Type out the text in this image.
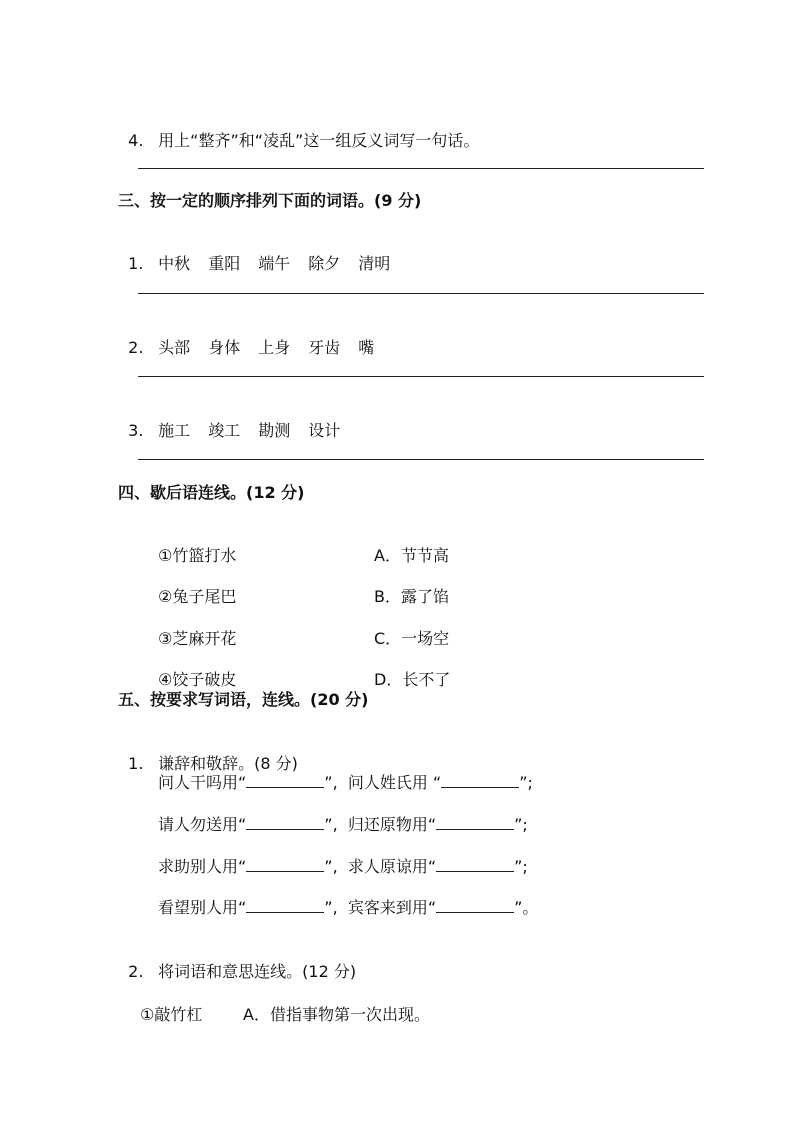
4. 用上“整齐”和“凌乱”这一组反义词写一句话。

三、按一定的顺序排列下面的词语。(9 分)

1. 中秋 重阳 端午 除夕 清明

2. 头部 身体 上身 牙齿 嘴

3. 施工 竣工 勘测 设计

四、歇后语连线。(12 分)

①竹篮打水	A．节节高

②兔子尾巴	B．露了馅

③芝麻开花	C．一场空

④饺子破皮	D．长不了

五、按要求写词语，连线。(20 分)

1. 谦辞和敬辞。(8 分)

问人干吗用“	”,  问人姓氏用 “	”;
请人勿送用“	”,  归还原物用“	”;
求助别人用“	”,  求人原谅用“	”;
看望别人用“	”,  宾客来到用“	”。

2. 将词语和意思连线。(12 分)

①敲竹杠	A．借指事物第一次出现。
